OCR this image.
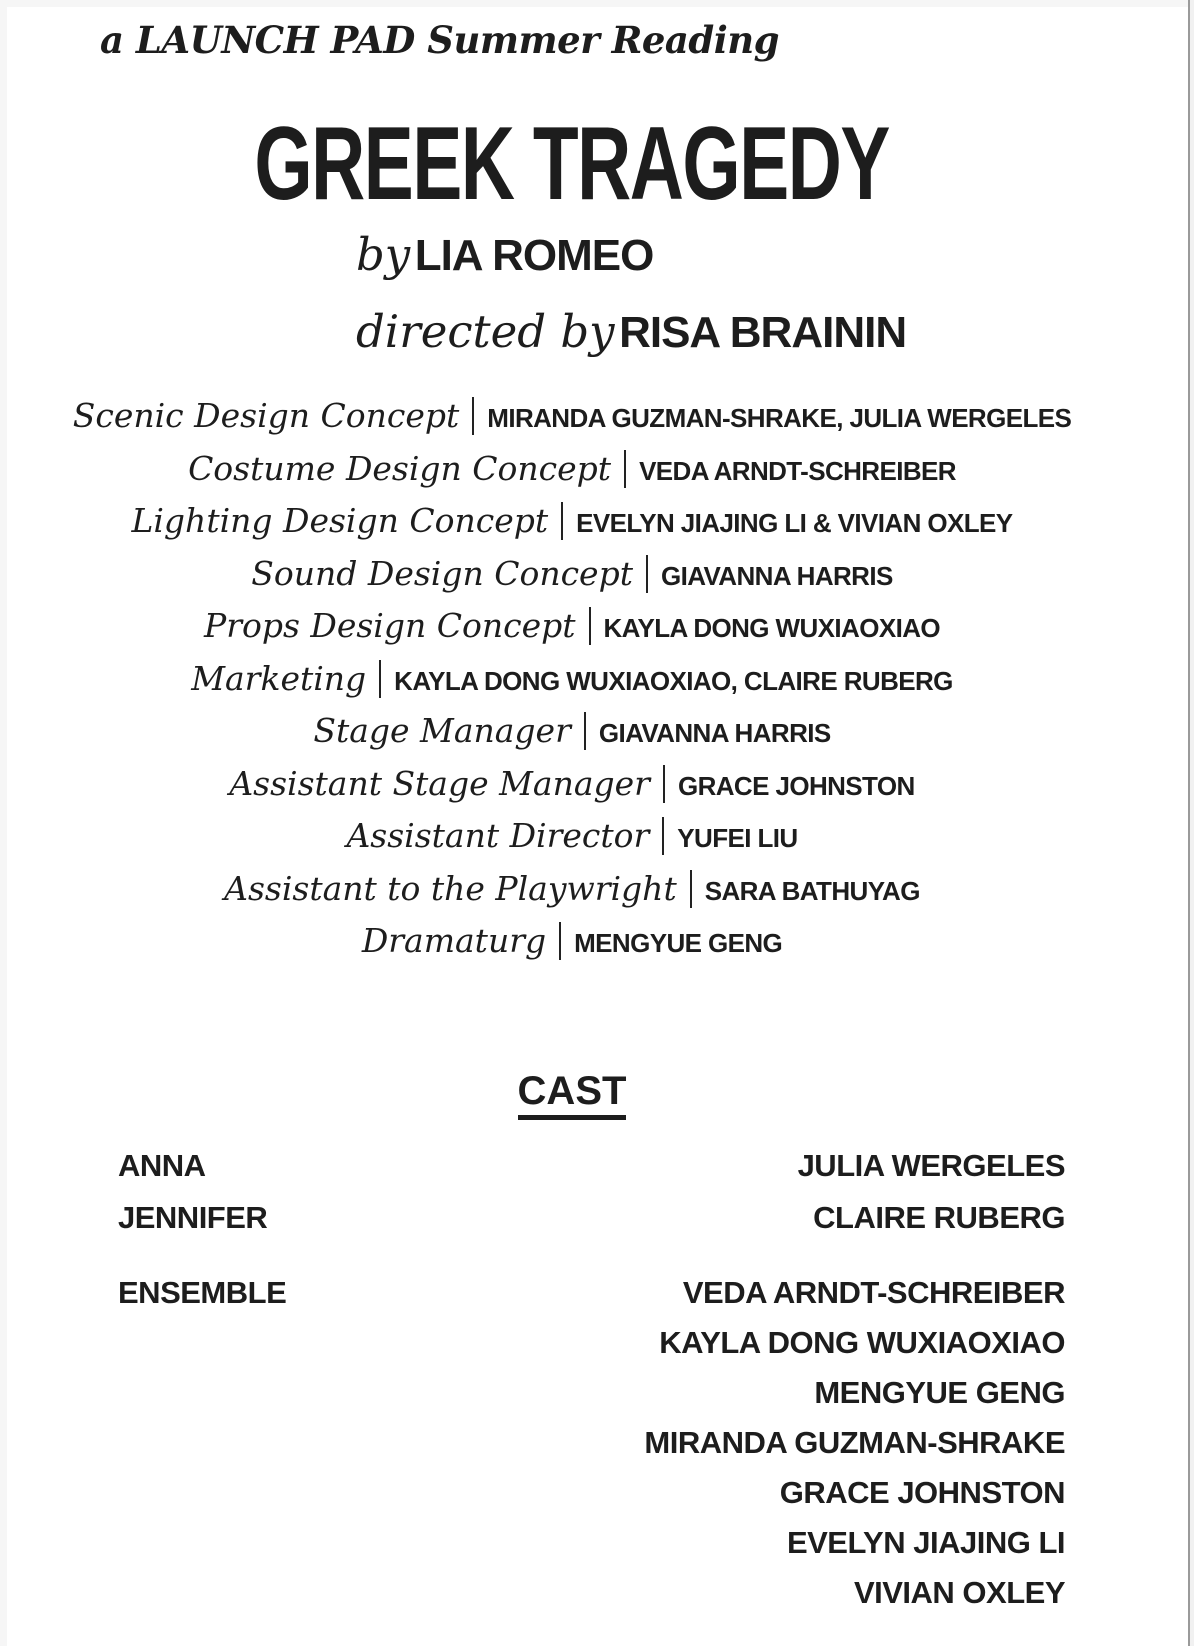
a LAUNCH PAD Summer Reading
GREEK TRAGEDY
by LIA ROMEO
directed by RISA BRAININ
Scenic Design Concept MIRANDA GUZMAN-SHRAKE, JULIA WERGELES
Costume Design Concept VEDA ARNDT-SCHREIBER
Lighting Design Concept EVELYN JIAJING LI & VIVIAN OXLEY
Sound Design Concept GIAVANNA HARRIS
Props Design Concept KAYLA DONG WUXIAOXIAO
Marketing KAYLA DONG WUXIAOXIAO, CLAIRE RUBERG
Stage Manager GIAVANNA HARRIS
Assistant Stage Manager GRACE JOHNSTON
Assistant Director YUFEI LIU
Assistant to the Playwright SARA BATHUYAG
Dramaturg MENGYUE GENG
CAST
ANNA	JULIA WERGELES
JENNIFER	CLAIRE RUBERG
ENSEMBLE	VEDA ARNDT-SCHREIBER
KAYLA DONG WUXIAOXIAO
MENGYUE GENG
MIRANDA GUZMAN-SHRAKE
GRACE JOHNSTON
EVELYN JIAJING LI
VIVIAN OXLEY
